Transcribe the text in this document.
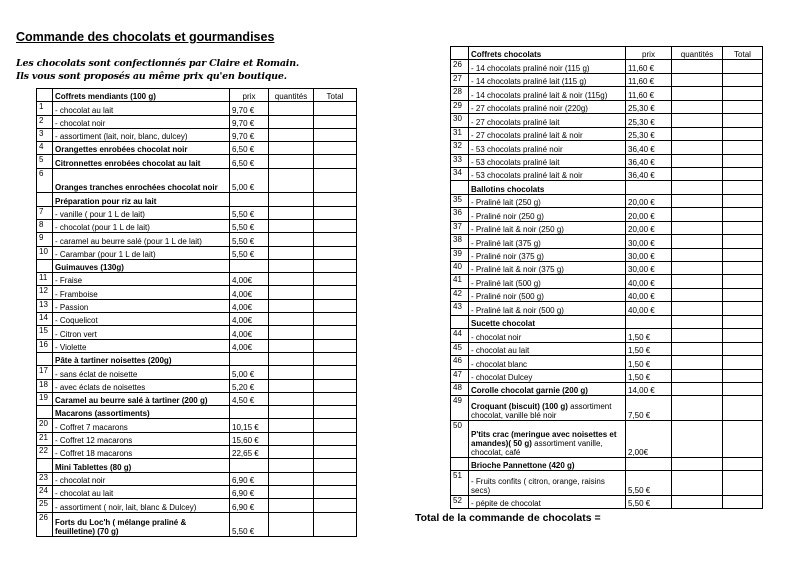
Commande des chocolats et gourmandises
Les chocolats sont confectionnés par Claire et Romain.
Ils vous sont proposés au même prix qu'en boutique.
	Coffrets mendiants (100 g)	prix	quantités	Total
1	- chocolat au lait	9,70 €		
2	- chocolat noir	9,70 €		
3	- assortiment (lait, noir, blanc, dulcey)	9,70 €		
4	Orangettes enrobées chocolat noir	6,50 €		
5	Citronnettes enrobées chocolat au lait	6,50 €		
6	Oranges tranches enrochées chocolat noir	5,00 €		
	Préparation pour riz au lait			
7	- vanille ( pour 1 L de lait)	5,50 €		
8	- chocolat (pour 1 L de lait)	5,50 €		
9	- caramel au beurre salé (pour 1 L de lait)	5,50 €		
10	- Carambar (pour 1 L de lait)	5,50 €		
	Guimauves (130g)			
11	- Fraise	4,00€		
12	- Framboise	4,00€		
13	- Passion	4,00€		
14	- Coquelicot	4,00€		
15	- Citron vert	4,00€		
16	- Violette	4,00€		
	Pâte à tartiner noisettes (200g)			
17	- sans éclat de noisette	5,00 €		
18	- avec éclats de noisettes	5,20 €		
19	Caramel au beurre salé à tartiner (200 g)	4,50 €		
	Macarons (assortiments)			
20	- Coffret 7 macarons	10,15 €		
21	- Coffret 12 macarons	15,60 €		
22	- Coffret 18 macarons	22,65 €		
	Mini Tablettes (80 g)			
23	- chocolat noir	6,90 €		
24	- chocolat au lait	6,90 €		
25	- assortiment ( noir, lait, blanc & Dulcey)	6,90 €		
26	Forts du Loc'h ( mélange praliné & feuilletine) (70 g)	5,50 €		
	Coffrets chocolats	prix	quantités	Total
26	- 14 chocolats praliné noir (115 g)	11,60 €		
27	- 14 chocolats praliné lait (115 g)	11,60 €		
28	- 14 chocolats praliné lait & noir (115g)	11,60 €		
29	- 27 chocolats praliné noir (220g)	25,30 €		
30	- 27 chocolats praliné lait	25,30 €		
31	- 27 chocolats praliné lait & noir	25,30 €		
32	- 53 chocolats praliné noir	36,40 €		
33	- 53 chocolats praliné lait	36,40 €		
34	- 53 chocolats praliné lait & noir	36,40 €		
	Ballotins chocolats			
35	- Praliné lait (250 g)	20,00 €		
36	- Praliné noir (250 g)	20,00 €		
37	- Praliné lait & noir (250 g)	20,00 €		
38	- Praliné lait (375 g)	30,00 €		
39	- Praliné noir (375 g)	30,00 €		
40	- Praliné lait & noir (375 g)	30,00 €		
41	- Praliné lait (500 g)	40,00 €		
42	- Praliné noir (500 g)	40,00 €		
43	- Praliné lait & noir (500 g)	40,00 €		
	Sucette chocolat			
44	- chocolat noir	1,50 €		
45	- chocolat au lait	1,50 €		
46	- chocolat blanc	1,50 €		
47	- chocolat Dulcey	1,50 €		
48	Corolle chocolat garnie (200 g)	14,00 €		
49	Croquant (biscuit) (100 g) assortiment chocolat, vanille blé noir	7,50 €		
50	P'tits crac (meringue avec noisettes et amandes)( 50 g) assortiment vanille, chocolat, café	2,00€		
	Brioche Pannettone (420 g)			
51	- Fruits confits ( citron, orange, raisins secs)	5,50 €		
52	- pépite de chocolat	5,50 €		
Total de la commande de chocolats =
